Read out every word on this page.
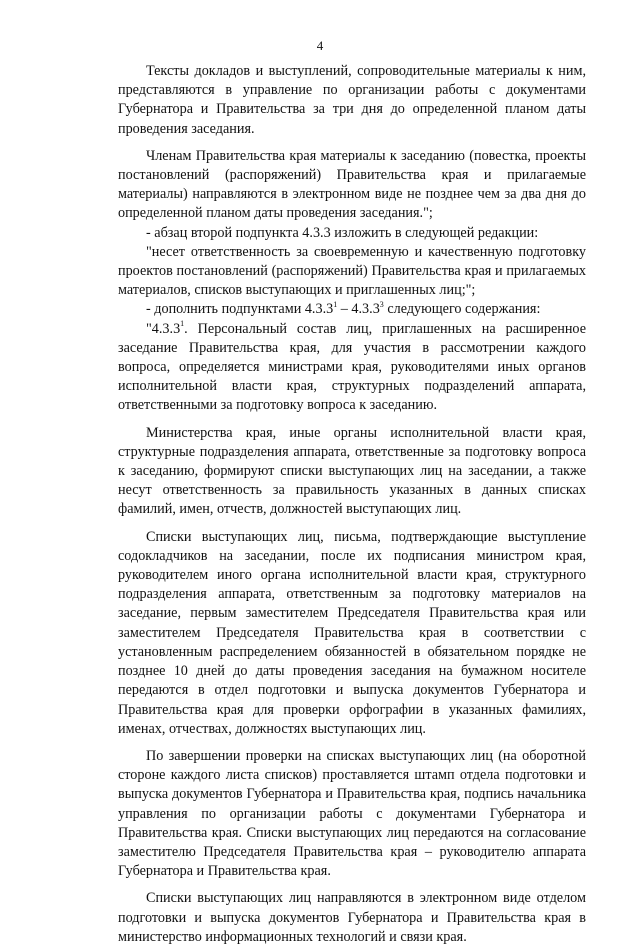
4

Тексты докладов и выступлений, сопроводительные материалы к ним, представляются в управление по организации работы с документами Губернатора и Правительства за три дня до определенной планом даты проведения заседания.

Членам Правительства края материалы к заседанию (повестка, проекты постановлений (распоряжений) Правительства края и прилагаемые материалы) направляются в электронном виде не позднее чем за два дня до определенной планом даты проведения заседания.";

- абзац второй подпункта 4.3.3 изложить в следующей редакции:

"несет ответственность за своевременную и качественную подготовку проектов постановлений (распоряжений) Правительства края и прилагаемых материалов, списков выступающих и приглашенных лиц;";

- дополнить подпунктами 4.3.3$^1$ – 4.3.3$^3$ следующего содержания:

"4.3.3$^1$. Персональный состав лиц, приглашенных на расширенное заседание Правительства края, для участия в рассмотрении каждого вопроса, определяется министрами края, руководителями иных органов исполнительной власти края, структурных подразделений аппарата, ответственными за подготовку вопроса к заседанию.

Министерства края, иные органы исполнительной власти края, структурные подразделения аппарата, ответственные за подготовку вопроса к заседанию, формируют списки выступающих лиц на заседании, а также несут ответственность за правильность указанных в данных списках фамилий, имен, отчеств, должностей выступающих лиц.

Списки выступающих лиц, письма, подтверждающие выступление содокладчиков на заседании, после их подписания министром края, руководителем иного органа исполнительной власти края, структурного подразделения аппарата, ответственным за подготовку материалов на заседание, первым заместителем Председателя Правительства края или заместителем Председателя Правительства края в соответствии с установленным распределением обязанностей в обязательном порядке не позднее 10 дней до даты проведения заседания на бумажном носителе передаются в отдел подготовки и выпуска документов Губернатора и Правительства края для проверки орфографии в указанных фамилиях, именах, отчествах, должностях выступающих лиц.

По завершении проверки на списках выступающих лиц (на оборотной стороне каждого листа списков) проставляется штамп отдела подготовки и выпуска документов Губернатора и Правительства края, подпись начальника управления по организации работы с документами Губернатора и Правительства края. Списки выступающих лиц передаются на согласование заместителю Председателя Правительства края – руководителю аппарата Губернатора и Правительства края.

Списки выступающих лиц направляются в электронном виде отделом подготовки и выпуска документов Губернатора и Правительства края в министерство информационных технологий и связи края.
